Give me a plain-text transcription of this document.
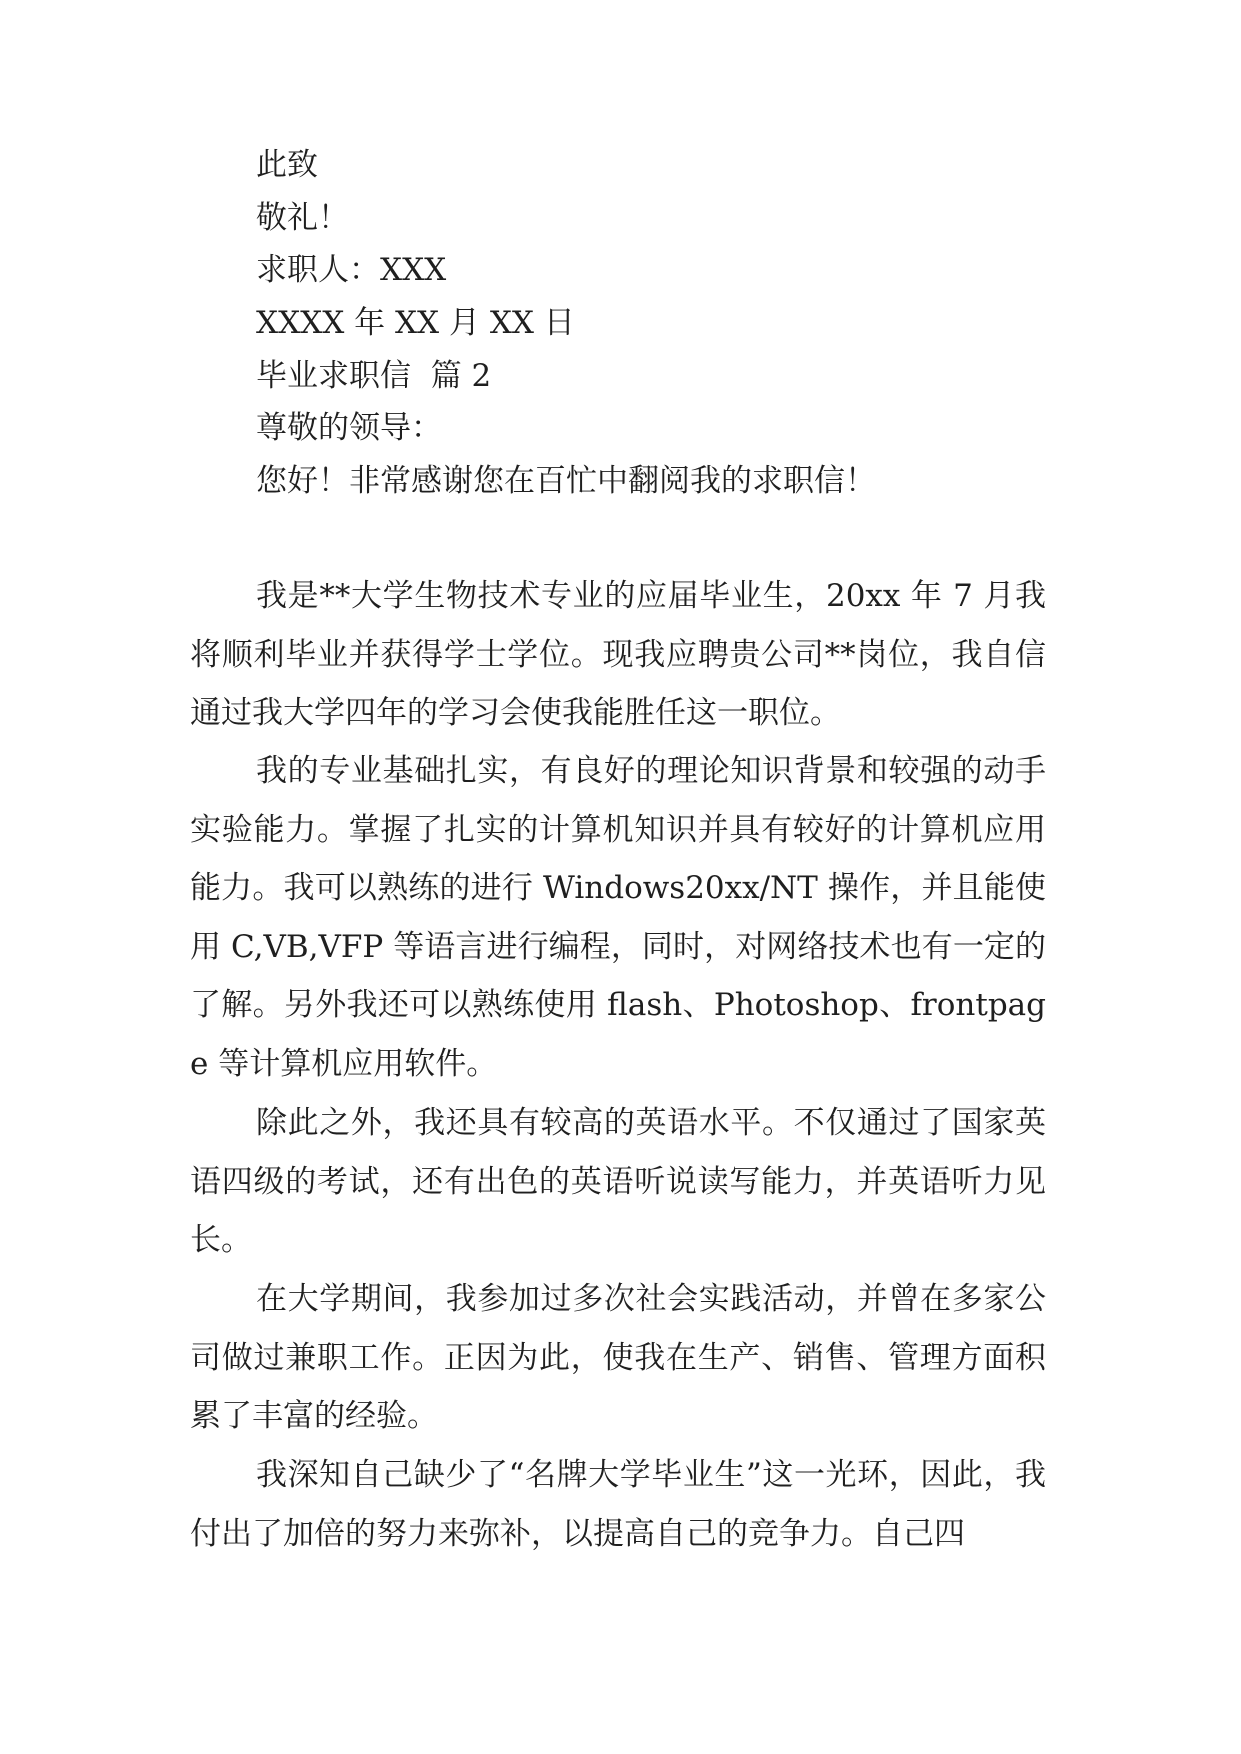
此致

敬礼！

求职人：XXX

XXXX 年 XX 月 XX 日

毕业求职信  篇 2

尊敬的领导：

您好！非常感谢您在百忙中翻阅我的求职信！

我是**大学生物技术专业的应届毕业生，20xx 年 7 月我将顺利毕业并获得学士学位。现我应聘贵公司**岗位，我自信通过我大学四年的学习会使我能胜任这一职位。

我的专业基础扎实，有良好的理论知识背景和较强的动手实验能力。掌握了扎实的计算机知识并具有较好的计算机应用能力。我可以熟练的进行 Windows20xx/NT 操作，并且能使用 C,VB,VFP 等语言进行编程，同时，对网络技术也有一定的了解。另外我还可以熟练使用 flash、Photoshop、frontpage 等计算机应用软件。

除此之外，我还具有较高的英语水平。不仅通过了国家英语四级的考试，还有出色的英语听说读写能力，并英语听力见长。

在大学期间，我参加过多次社会实践活动，并曾在多家公司做过兼职工作。正因为此，使我在生产、销售、管理方面积累了丰富的经验。

我深知自己缺少了“名牌大学毕业生”这一光环，因此，我付出了加倍的努力来弥补，以提高自己的竞争力。自己四
